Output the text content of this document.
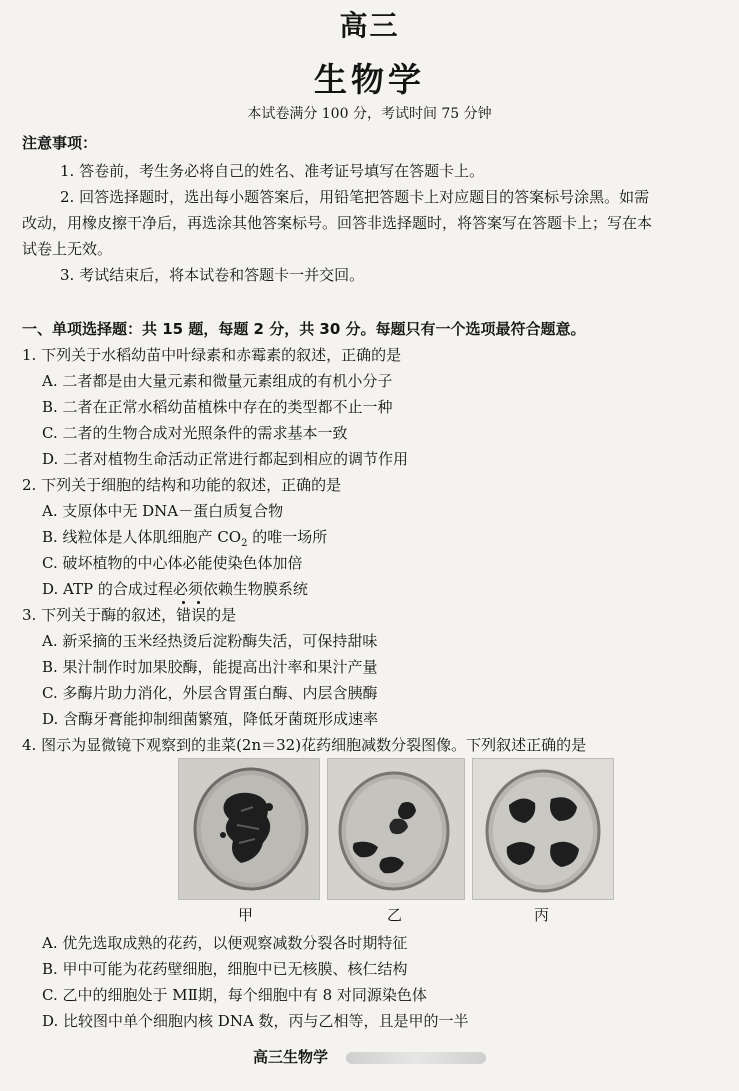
高三
生物学
本试卷满分 100 分，考试时间 75 分钟
注意事项：
1. 答卷前，考生务必将自己的姓名、准考证号填写在答题卡上。
2. 回答选择题时，选出每小题答案后，用铅笔把答题卡上对应题目的答案标号涂黑。如需
改动，用橡皮擦干净后，再选涂其他答案标号。回答非选择题时，将答案写在答题卡上；写在本
试卷上无效。
3. 考试结束后，将本试卷和答题卡一并交回。
一、单项选择题：共 15 题，每题 2 分，共 30 分。每题只有一个选项最符合题意。
1. 下列关于水稻幼苗中叶绿素和赤霉素的叙述，正确的是
A. 二者都是由大量元素和微量元素组成的有机小分子
B. 二者在正常水稻幼苗植株中存在的类型都不止一种
C. 二者的生物合成对光照条件的需求基本一致
D. 二者对植物生命活动正常进行都起到相应的调节作用
2. 下列关于细胞的结构和功能的叙述，正确的是
A. 支原体中无 DNA－蛋白质复合物
B. 线粒体是人体肌细胞产 $CO_2$ 的唯一场所
C. 破坏植物的中心体必能使染色体加倍
D. ATP 的合成过程必须依赖生物膜系统
3. 下列关于酶的叙述，错误的是
A. 新采摘的玉米经热烫后淀粉酶失活，可保持甜味
B. 果汁制作时加果胶酶，能提高出汁率和果汁产量
C. 多酶片助力消化，外层含胃蛋白酶、内层含胰酶
D. 含酶牙膏能抑制细菌繁殖，降低牙菌斑形成速率
4. 图示为显微镜下观察到的韭菜(2n＝32)花药细胞减数分裂图像。下列叙述正确的是
甲	乙	丙
A. 优先选取成熟的花药，以便观察减数分裂各时期特征
B. 甲中可能为花药壁细胞，细胞中已无核膜、核仁结构
C. 乙中的细胞处于 MⅡ期，每个细胞中有 8 对同源染色体
D. 比较图中单个细胞内核 DNA 数，丙与乙相等，且是甲的一半
高三生物学
